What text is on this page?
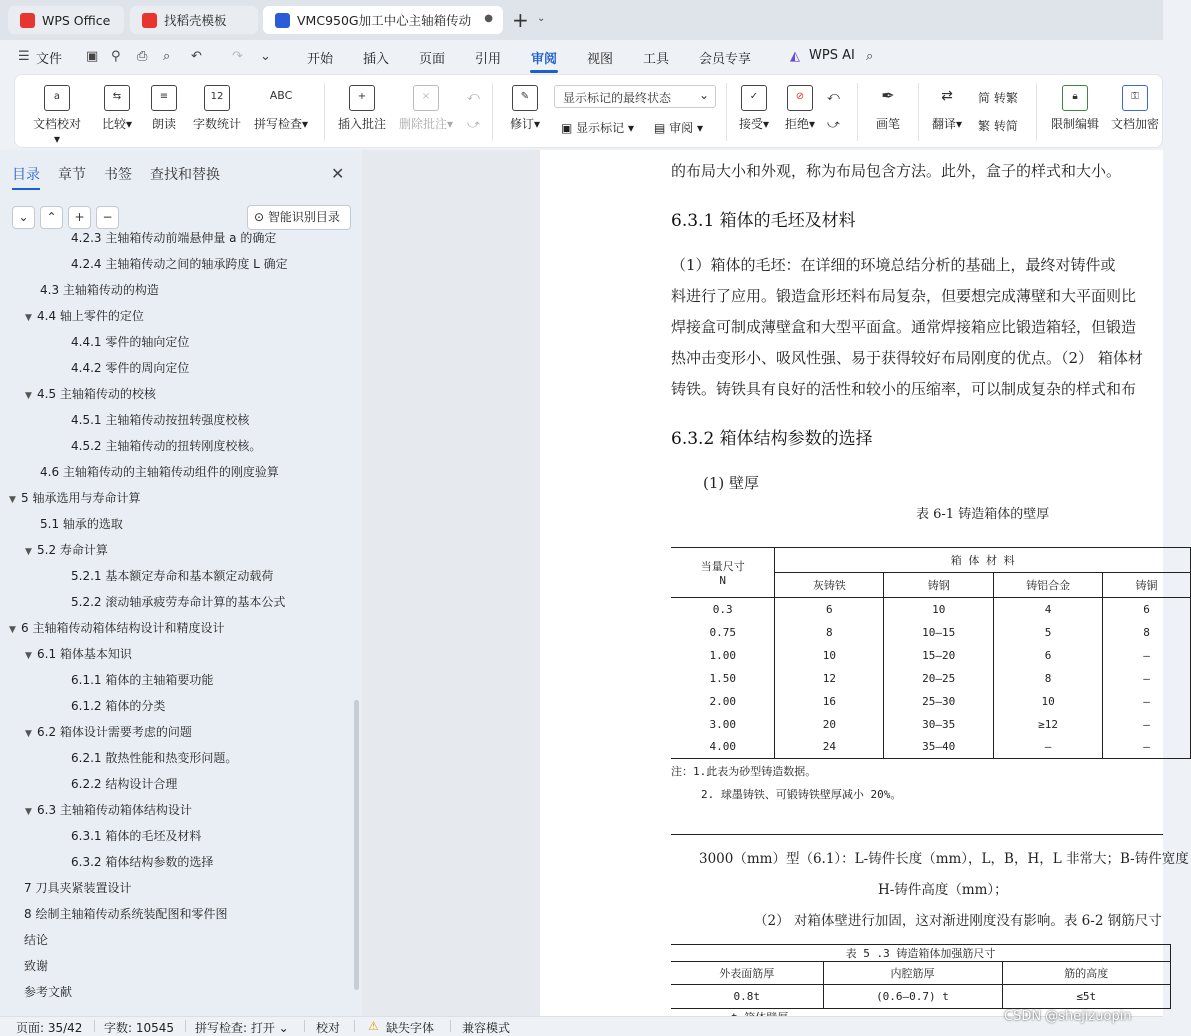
WPS Office	找稻壳模板	VMC950G加工中心主轴箱传动 ● + ⌄
☰ 文件 ▣ ⚲ ⎙ ⌕ ↶ ↷ ⌄	开始 插入 页面 引用 审阅 视图 工具 会员专享	◭ WPS AI ⌕
a
文档校对▾
⇆
比较▾
≡
朗读
12
字数统计
ABC
拼写检查▾
+
插入批注
×
删除批注▾
⤺
⤻
✎
修订▾
显示标记的最终状态 ⌄
▣ 显示标记 ▾ ▤ 审阅 ▾
✓
接受▾
⊘
拒绝▾
⤺
⤻
✒
画笔
⇄
翻译▾
简 转繁
繁 转简
🔒︎
限制编辑
⚿
文档加密
目录 章节 书签 查找和替换	✕
⌄	⌃	+	−	⊙ 智能识别目录
4.2.3 主轴箱传动前端悬伸量 a 的确定
4.2.4 主轴箱传动之间的轴承跨度 L 确定
4.3 主轴箱传动的构造
▼ 4.4 轴上零件的定位
4.4.1 零件的轴向定位
4.4.2 零件的周向定位
▼ 4.5 主轴箱传动的校核
4.5.1 主轴箱传动按扭转强度校核
4.5.2 主轴箱传动的扭转刚度校核。
4.6 主轴箱传动的主轴箱传动组件的刚度验算
▼ 5 轴承选用与寿命计算
5.1 轴承的选取
▼ 5.2 寿命计算
5.2.1 基本额定寿命和基本额定动载荷
5.2.2 滚动轴承疲劳寿命计算的基本公式
▼ 6 主轴箱传动箱体结构设计和精度设计
▼ 6.1 箱体基本知识
6.1.1 箱体的主轴箱要功能
6.1.2 箱体的分类
▼ 6.2 箱体设计需要考虑的问题
6.2.1 散热性能和热变形问题。
6.2.2 结构设计合理
▼ 6.3 主轴箱传动箱体结构设计
6.3.1 箱体的毛坯及材料
6.3.2 箱体结构参数的选择
7 刀具夹紧装置设计
8 绘制主轴箱传动系统装配图和零件图
结论
致谢
参考文献
的布局大小和外观，称为布局包含方法。此外，盒子的样式和大小。
6.3.1 箱体的毛坯及材料
（1）箱体的毛坯：在详细的环境总结分析的基础上，最终对铸件或
料进行了应用。锻造盒形坯料布局复杂，但要想完成薄壁和大平面则比
焊接盒可制成薄壁盒和大型平面盒。通常焊接箱应比锻造箱轻，但锻造
热冲击变形小、吸风性强、易于获得较好布局刚度的优点。（2） 箱体材
铸铁。铸铁具有良好的活性和较小的压缩率，可以制成复杂的样式和布
6.3.2 箱体结构参数的选择
(1) 壁厚
表 6-1 铸造箱体的壁厚
当量尺寸
N	箱 体 材 料			
	灰铸铁	铸钢	铸铝合金	铸铜
0.3	6	10	4	6
0.75	8	10—15	5	8
1.00	10	15—20	6	—
1.50	12	20—25	8	—
2.00	16	25—30	10	—
3.00	20	30—35	≥12	—
4.00	24	35—40	—	—
注：1.此表为砂型铸造数据。
2. 球墨铸铁、可锻铸铁壁厚减小 20%。
3000（mm）型（6.1）：L-铸件长度（mm），L，B，H，L 非常大；B-铸件宽度
H-铸件高度（mm）；
（2） 对箱体壁进行加固，这对渐进刚度没有影响。表 6-2 钢筋尺寸
表 5 .3 铸造箱体加强筋尺寸		
外表面筋厚	内腔筋厚	筋的高度
0.8t	(0.6—0.7) t	≤5t

页面: 35/42 字数: 10545 拼写检查: 打开 ⌄ 校对 ⚠ 缺失字体 兼容模式
CSDN @shejizuopin
